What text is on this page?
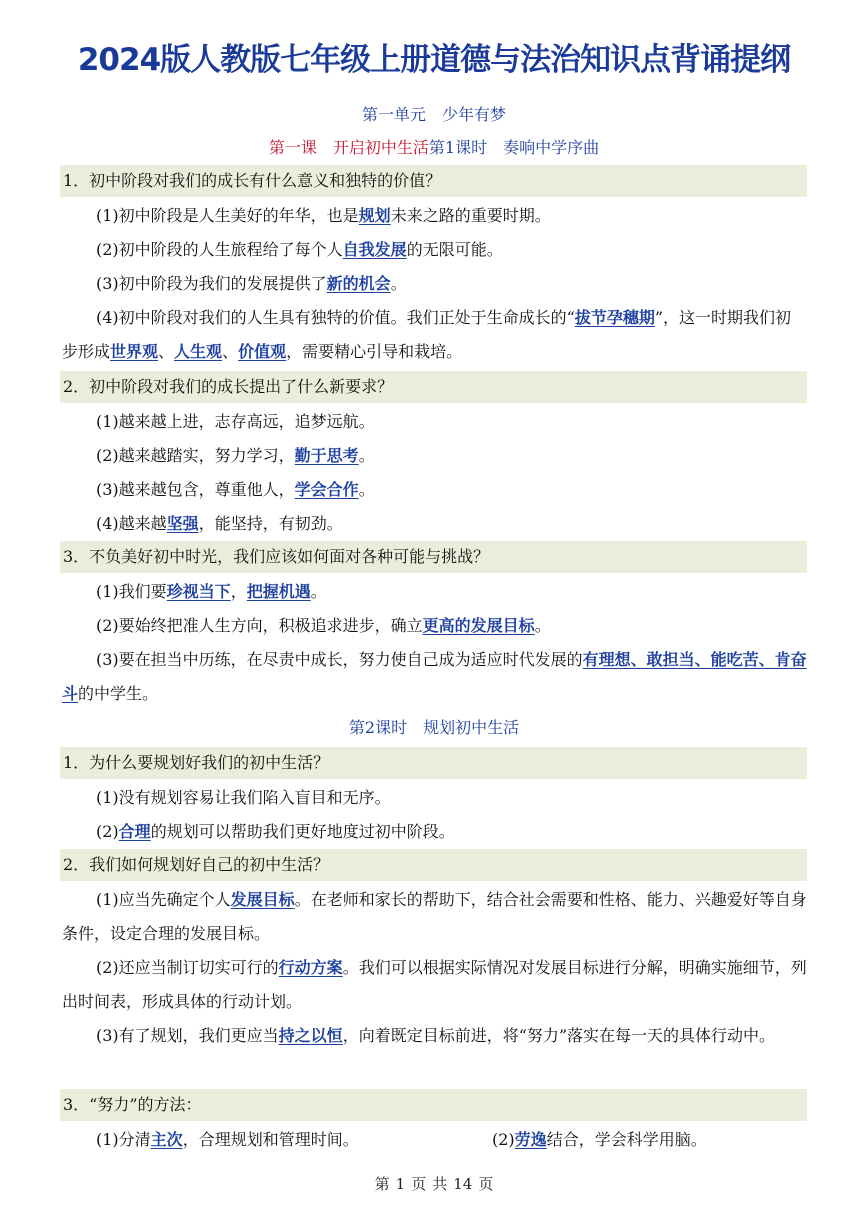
2024版人教版七年级上册道德与法治知识点背诵提纲
第一单元　少年有梦
第一课　开启初中生活第1课时　奏响中学序曲
1．初中阶段对我们的成长有什么意义和独特的价值？
(1)初中阶段是人生美好的年华，也是规划未来之路的重要时期。
(2)初中阶段的人生旅程给了每个人自我发展的无限可能。
(3)初中阶段为我们的发展提供了新的机会。
(4)初中阶段对我们的人生具有独特的价值。我们正处于生命成长的“拔节孕穗期”，这一时期我们初步形成世界观、人生观、价值观，需要精心引导和栽培。
2．初中阶段对我们的成长提出了什么新要求？
(1)越来越上进，志存高远，追梦远航。
(2)越来越踏实，努力学习，勤于思考。
(3)越来越包含，尊重他人，学会合作。
(4)越来越坚强，能坚持，有韧劲。
3．不负美好初中时光，我们应该如何面对各种可能与挑战？
(1)我们要珍视当下，把握机遇。
(2)要始终把准人生方向，积极追求进步，确立更高的发展目标。
(3)要在担当中历练，在尽责中成长，努力使自己成为适应时代发展的有理想、敢担当、能吃苦、肯奋斗的中学生。
第2课时　规划初中生活
1．为什么要规划好我们的初中生活？
(1)没有规划容易让我们陷入盲目和无序。
(2)合理的规划可以帮助我们更好地度过初中阶段。
2．我们如何规划好自己的初中生活？
(1)应当先确定个人发展目标。在老师和家长的帮助下，结合社会需要和性格、能力、兴趣爱好等自身条件，设定合理的发展目标。
(2)还应当制订切实可行的行动方案。我们可以根据实际情况对发展目标进行分解，明确实施细节，列出时间表，形成具体的行动计划。
(3)有了规划，我们更应当持之以恒，向着既定目标前进，将“努力”落实在每一天的具体行动中。
3．“努力”的方法：
(1)分清主次，合理规划和管理时间。	(2)劳逸结合，学会科学用脑。
第 1 页 共 14 页
